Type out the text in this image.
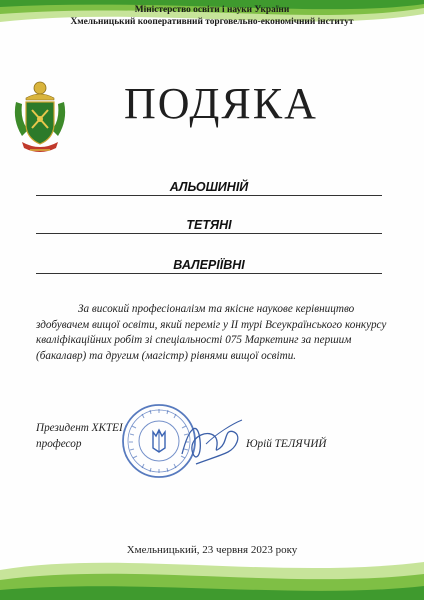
Міністерство освіти і науки України
Хмельницький кооперативний торговельно-економічний інститут
ПОДЯКА
АЛЬОШИНІЙ
ТЕТЯНІ
ВАЛЕРІЇВНІ
За високий професіоналізм та якісне наукове керівництво здобувачем вищої освіти, який переміг у ІІ турі Всеукраїнського конкурсу кваліфікаційних робіт зі спеціальності 075 Маркетинг за першим (бакалавр) та другим (магістр) рівнями вищої освіти.
Президент ХКТЕІ
професор	Юрій ТЕЛЯЧИЙ
Хмельницький, 23 червня 2023 року
